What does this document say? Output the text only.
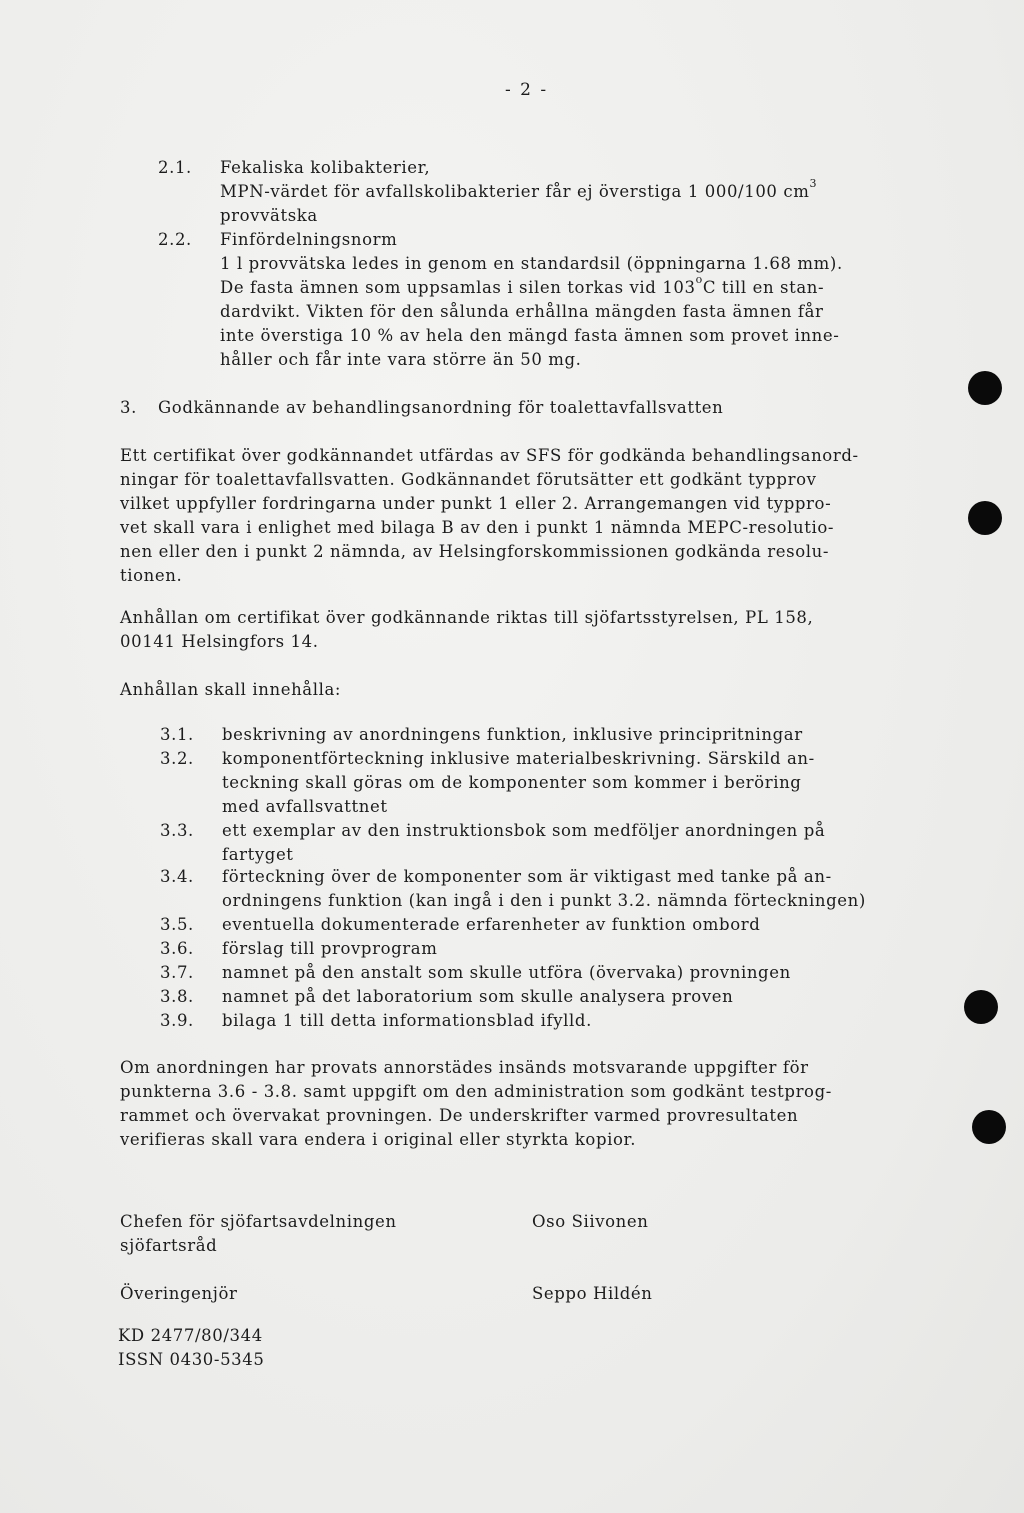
- 2 -
2.1. Fekaliska kolibakterier,
MPN-värdet för avfallskolibakterier får ej överstiga 1 000/100 $cm^3$
provvätska
2.2. Finfördelningsnorm
1 l provvätska ledes in genom en standardsil (öppningarna 1.68 mm).
De fasta ämnen som uppsamlas i silen torkas vid 103$^o$C till en stan-
dardvikt. Vikten för den sålunda erhållna mängden fasta ämnen får
inte överstiga 10 % av hela den mängd fasta ämnen som provet inne-
håller och får inte vara större än 50 mg.
3. Godkännande av behandlingsanordning för toalettavfallsvatten
Ett certifikat över godkännandet utfärdas av SFS för godkända behandlingsanord-
ningar för toalettavfallsvatten. Godkännandet förutsätter ett godkänt typprov
vilket uppfyller fordringarna under punkt 1 eller 2. Arrangemangen vid typpro-
vet skall vara i enlighet med bilaga B av den i punkt 1 nämnda MEPC-resolutio-
nen eller den i punkt 2 nämnda, av Helsingforskommissionen godkända resolu-
tionen.
Anhållan om certifikat över godkännande riktas till sjöfartsstyrelsen, PL 158,
00141 Helsingfors 14.
Anhållan skall innehålla:
3.1. beskrivning av anordningens funktion, inklusive principritningar
3.2. komponentförteckning inklusive materialbeskrivning. Särskild an-
teckning skall göras om de komponenter som kommer i beröring
med avfallsvattnet
3.3. ett exemplar av den instruktionsbok som medföljer anordningen på
fartyget
3.4. förteckning över de komponenter som är viktigast med tanke på an-
ordningens funktion (kan ingå i den i punkt 3.2. nämnda förteckningen)
3.5. eventuella dokumenterade erfarenheter av funktion ombord
3.6. förslag till provprogram
3.7. namnet på den anstalt som skulle utföra (övervaka) provningen
3.8. namnet på det laboratorium som skulle analysera proven
3.9. bilaga 1 till detta informationsblad ifylld.
Om anordningen har provats annorstädes insänds motsvarande uppgifter för
punkterna 3.6 - 3.8. samt uppgift om den administration som godkänt testprog-
rammet och övervakat provningen. De underskrifter varmed provresultaten
verifieras skall vara endera i original eller styrkta kopior.
Chefen för sjöfartsavdelningen
sjöfartsråd
Oso Siivonen
Överingenjör	Seppo Hildén
KD 2477/80/344
ISSN 0430-5345
